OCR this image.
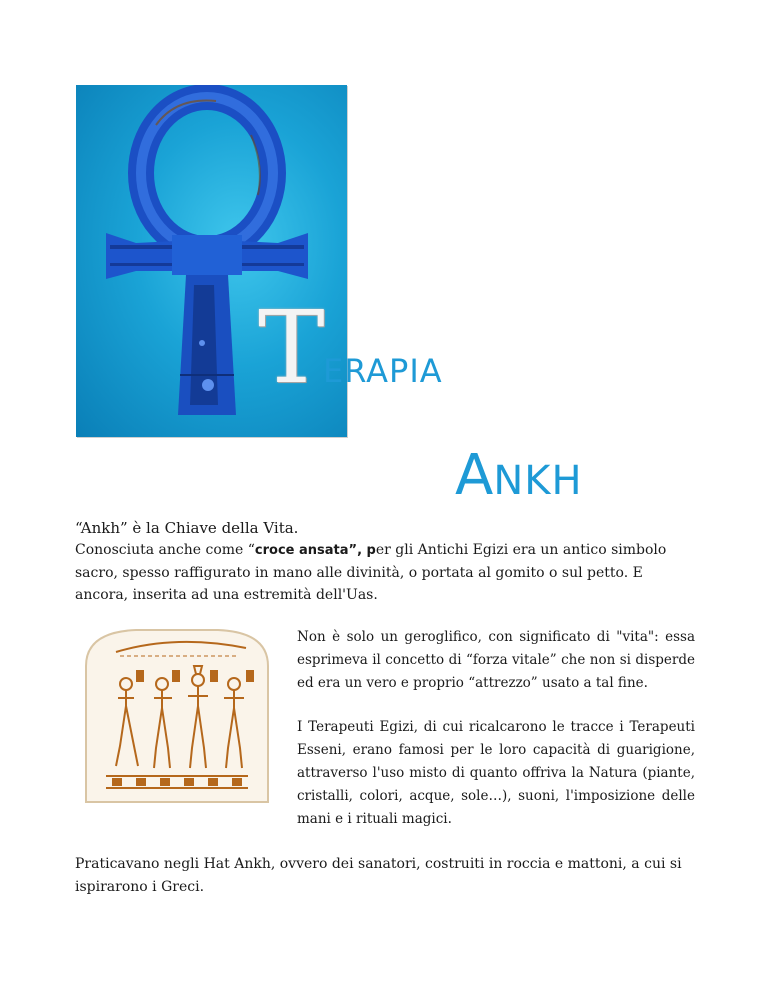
T
ERAPIA
ANKH

“Ankh” è la Chiave della Vita.

Conosciuta anche come “croce ansata”, per gli Antichi Egizi era un antico simbolo sacro, spesso raffigurato in mano alle divinità, o portata al gomito o sul petto. E ancora, inserita ad una estremità dell'Uas.

Non è solo un geroglifico, con significato di "vita": essa esprimeva il concetto di “forza vitale” che non si disperde ed era un vero e proprio “attrezzo” usato a tal fine.

I Terapeuti Egizi, di cui ricalcarono le tracce i Terapeuti Esseni, erano famosi per le loro capacità di guarigione, attraverso l'uso misto di quanto offriva la Natura (piante, cristalli, colori, acque, sole…), suoni, l'imposizione delle mani e i rituali magici.

Praticavano negli Hat Ankh, ovvero dei sanatori, costruiti in roccia e mattoni, a cui si ispirarono i Greci.
